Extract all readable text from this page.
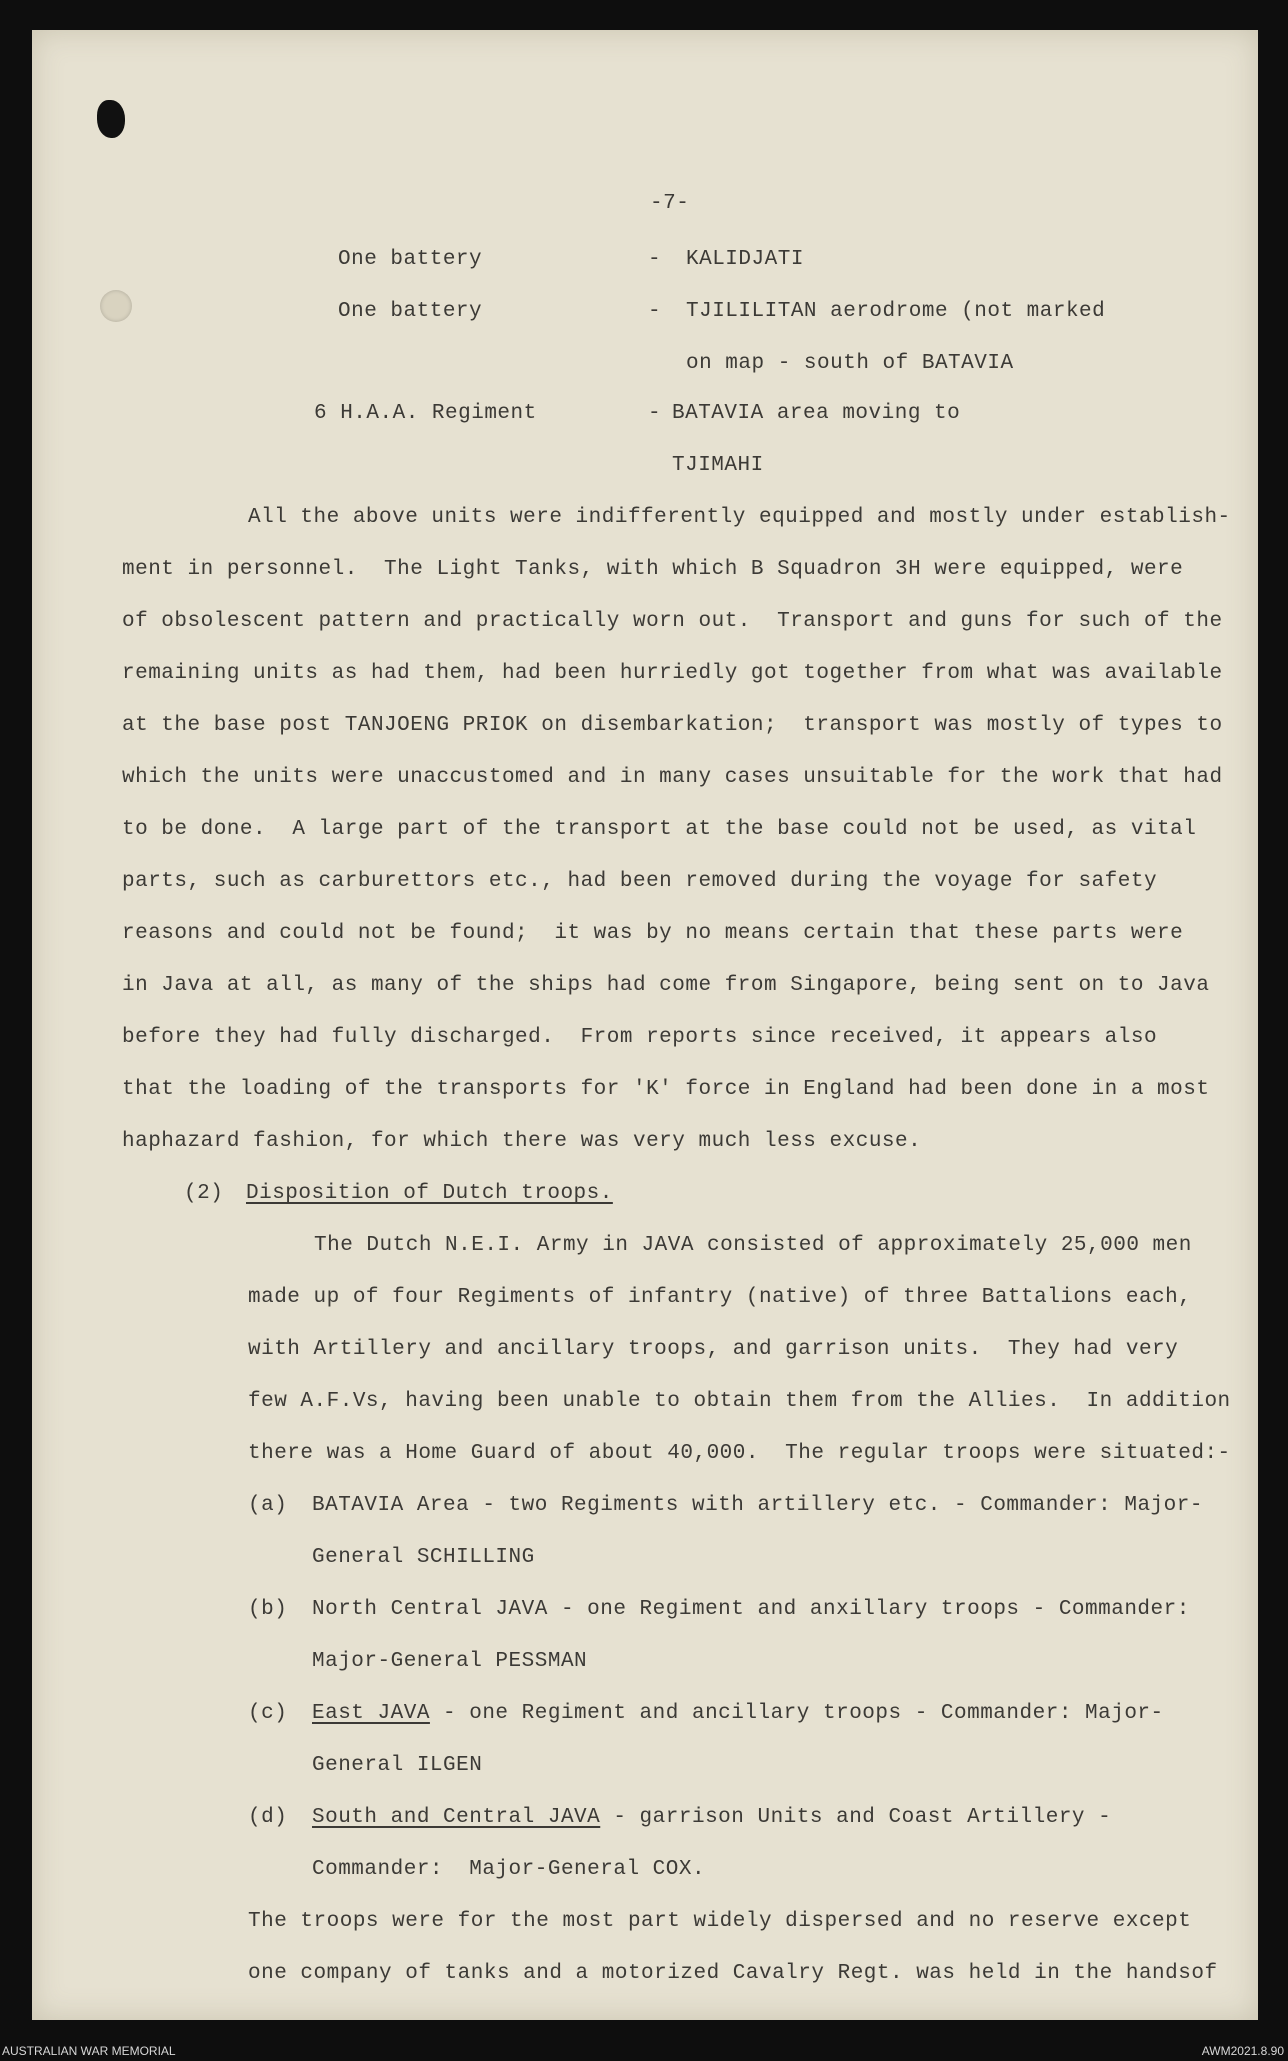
-7-
One battery	- KALIDJATI
One battery	- TJILILITAN aerodrome (not marked
on map - south of BATAVIA
6 H.A.A. Regiment	- BATAVIA area moving to
TJIMAHI
All the above units were indifferently equipped and mostly under establish-
ment in personnel.  The Light Tanks, with which B Squadron 3H were equipped, were
of obsolescent pattern and practically worn out.  Transport and guns for such of the
remaining units as had them, had been hurriedly got together from what was available
at the base post TANJOENG PRIOK on disembarkation;  transport was mostly of types to
which the units were unaccustomed and in many cases unsuitable for the work that had
to be done.  A large part of the transport at the base could not be used, as vital
parts, such as carburettors etc., had been removed during the voyage for safety
reasons and could not be found;  it was by no means certain that these parts were
in Java at all, as many of the ships had come from Singapore, being sent on to Java
before they had fully discharged.  From reports since received, it appears also
that the loading of the transports for 'K' force in England had been done in a most
haphazard fashion, for which there was very much less excuse.
(2) Disposition of Dutch troops.
The Dutch N.E.I. Army in JAVA consisted of approximately 25,000 men
made up of four Regiments of infantry (native) of three Battalions each,
with Artillery and ancillary troops, and garrison units.  They had very
few A.F.Vs, having been unable to obtain them from the Allies.  In addition
there was a Home Guard of about 40,000.  The regular troops were situated:-
(a) BATAVIA Area - two Regiments with artillery etc. - Commander: Major-
General SCHILLING
(b) North Central JAVA - one Regiment and anxillary troops - Commander:
Major-General PESSMAN
(c) East JAVA - one Regiment and ancillary troops - Commander: Major-
General ILGEN
(d) South and Central JAVA - garrison Units and Coast Artillery -
Commander:  Major-General COX.
The troops were for the most part widely dispersed and no reserve except
one company of tanks and a motorized Cavalry Regt. was held in the handsof
AUSTRALIAN WAR MEMORIAL	AWM2021.8.90
